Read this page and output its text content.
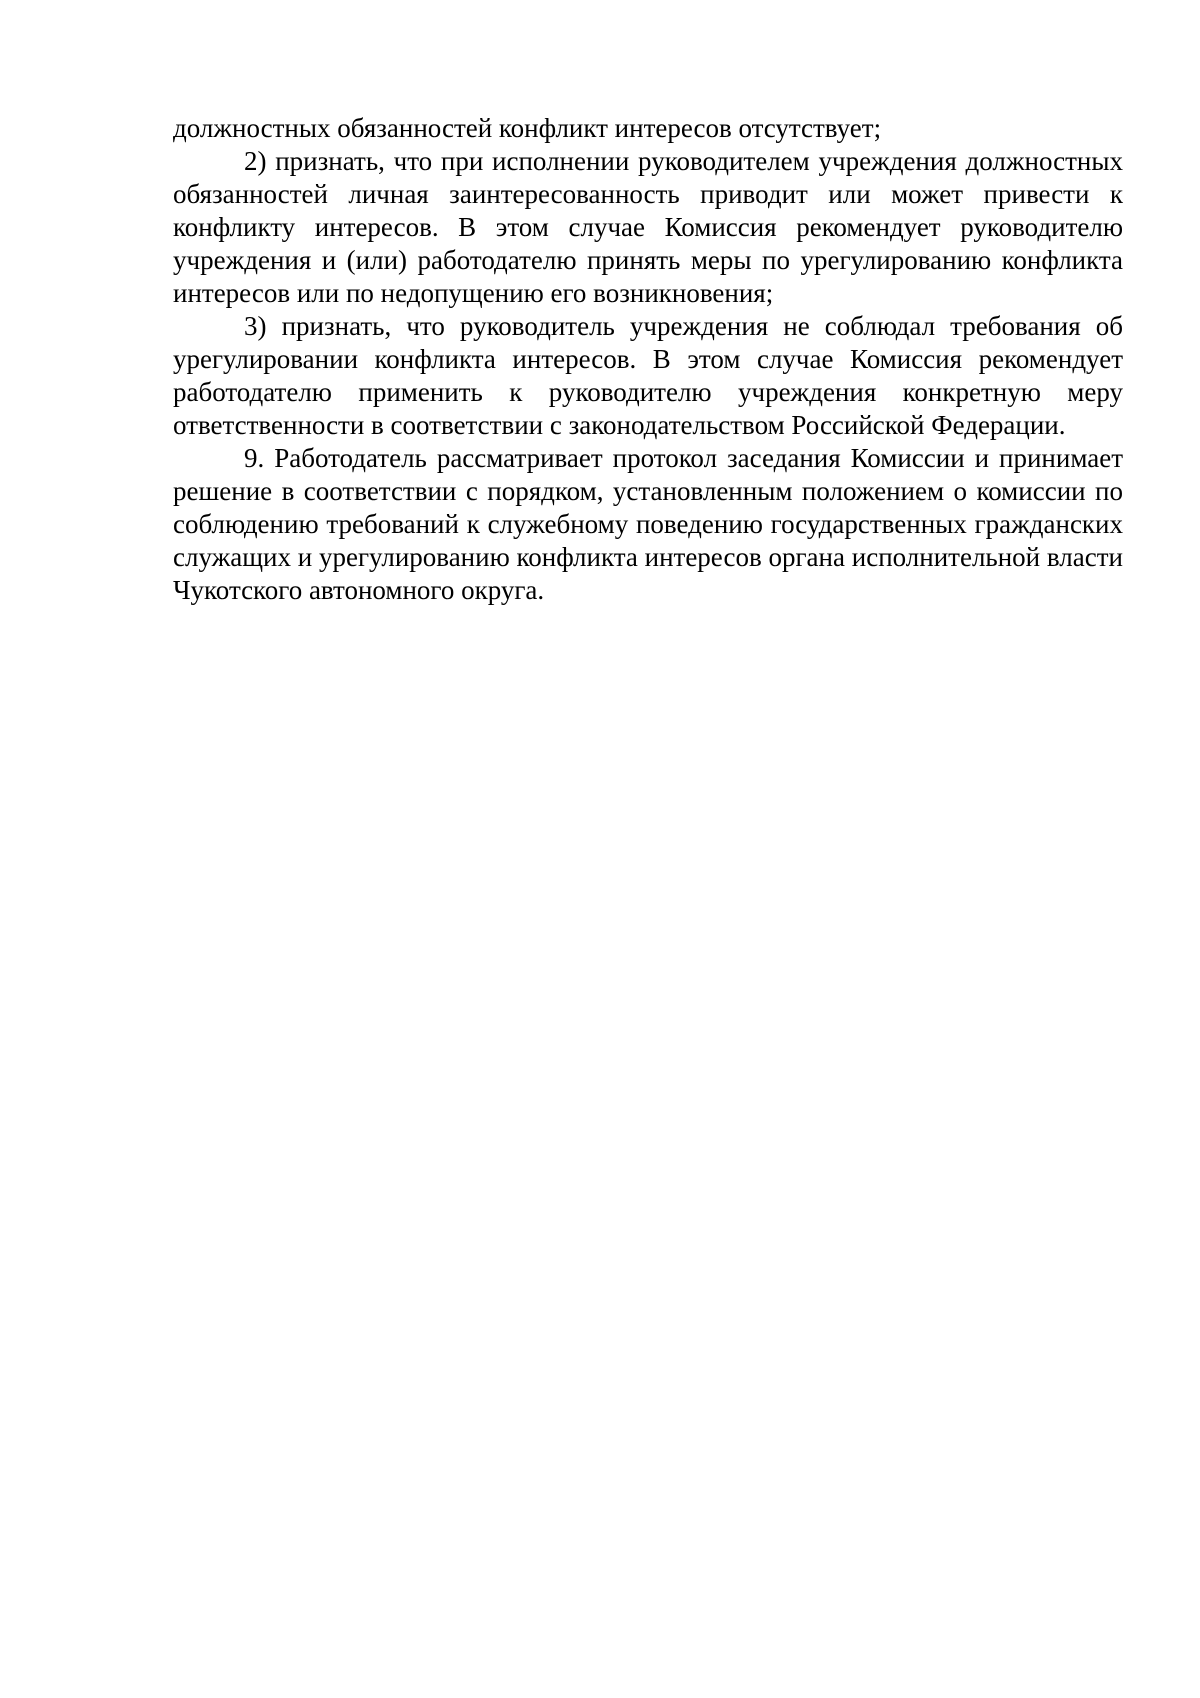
должностных обязанностей конфликт интересов отсутствует;

2) признать, что при исполнении руководителем учреждения должностных обязанностей личная заинтересованность приводит или может привести к конфликту интересов. В этом случае Комиссия рекомендует руководителю учреждения и (или) работодателю принять меры по урегулированию конфликта интересов или по недопущению его возникновения;

3) признать, что руководитель учреждения не соблюдал требования об урегулировании конфликта интересов. В этом случае Комиссия рекомендует работодателю применить к руководителю учреждения конкретную меру ответственности в соответствии с законодательством Российской Федерации.

9. Работодатель рассматривает протокол заседания Комиссии и принимает решение в соответствии с порядком, установленным положением о комиссии по соблюдению требований к служебному поведению государственных гражданских служащих и урегулированию конфликта интересов органа исполнительной власти Чукотского автономного округа.
